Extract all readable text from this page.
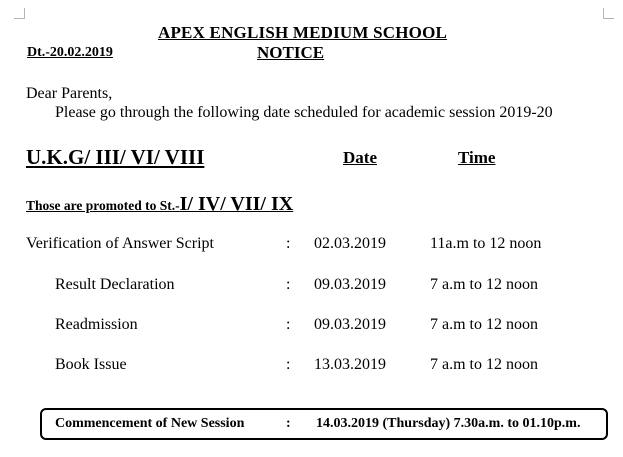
APEX ENGLISH MEDIUM SCHOOL
Dt.-20.02.2019	NOTICE
Dear Parents,
Please go through the following date scheduled for academic session 2019-20
U.K.G/ III/ VI/ VIII	Date	Time
Those are promoted to St.-I/ IV/ VII/ IX
Verification of Answer Script	: 02.03.2019	11a.m to 12 noon
Result Declaration	: 09.03.2019	7 a.m to 12 noon
Readmission	: 09.03.2019	7 a.m to 12 noon
Book Issue	: 13.03.2019	7 a.m to 12 noon
Commencement of New Session	: 14.03.2019 (Thursday) 7.30a.m. to 01.10p.m.
